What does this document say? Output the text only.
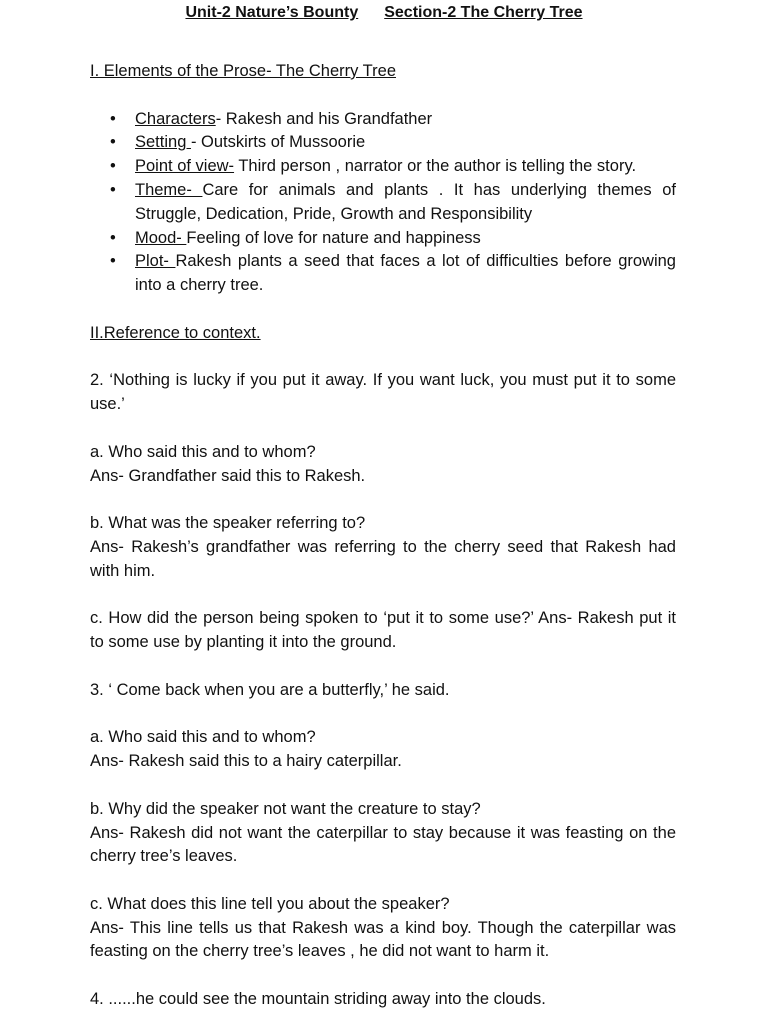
Unit-2 Nature’s Bounty Section-2 The Cherry Tree

I. Elements of the Prose- The Cherry Tree

• Characters- Rakesh and his Grandfather
• Setting - Outskirts of Mussoorie
• Point of view- Third person , narrator or the author is telling the story.
• Theme- Care for animals and plants . It has underlying themes of Struggle, Dedication, Pride, Growth and Responsibility
• Mood- Feeling of love for nature and happiness
• Plot- Rakesh plants a seed that faces a lot of difficulties before growing into a cherry tree.

II.Reference to context.

2. ‘Nothing is lucky if you put it away. If you want luck, you must put it to some use.’

a. Who said this and to whom?
Ans- Grandfather said this to Rakesh.

b. What was the speaker referring to?
Ans- Rakesh’s grandfather was referring to the cherry seed that Rakesh had with him.

c. How did the person being spoken to ‘put it to some use?’ Ans- Rakesh put it to some use by planting it into the ground.

3. ‘ Come back when you are a butterfly,’ he said.

a. Who said this and to whom?
Ans- Rakesh said this to a hairy caterpillar.

b. Why did the speaker not want the creature to stay?
Ans- Rakesh did not want the caterpillar to stay because it was feasting on the cherry tree’s leaves.

c. What does this line tell you about the speaker?
Ans- This line tells us that Rakesh was a kind boy. Though the caterpillar was feasting on the cherry tree’s leaves , he did not want to harm it.

4. ......he could see the mountain striding away into the clouds.
